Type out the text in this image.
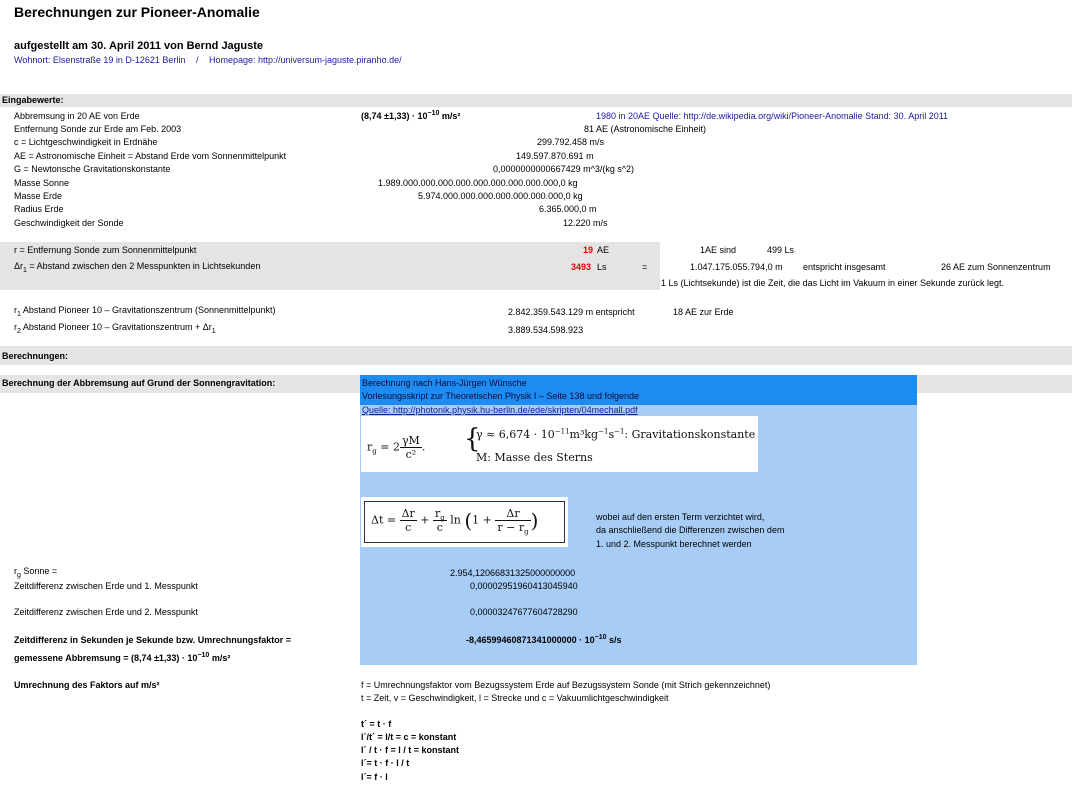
Berechnungen zur Pioneer-Anomalie
aufgestellt am 30. April 2011 von Bernd Jaguste
Wohnort: Elsenstraße 19 in D-12621 Berlin / Homepage: http://universum-jaguste.piranho.de/
Eingabewerte:
Abbremsung in 20 AE von Erde	$(8,74 \pm 1,33) \cdot 10^{-10}$ m/s²	1980 in 20AE Quelle: http://de.wikipedia.org/wiki/Pioneer-Anomalie Stand: 30. April 2011
Entfernung Sonde zur Erde am Feb. 2003	81 AE (Astronomische Einheit)
c = Lichtgeschwindigkeit in Erdnähe	299.792.458 m/s
AE = Astronomische Einheit = Abstand Erde vom Sonnenmittelpunkt	149.597.870.691 m
G = Newtonsche Gravitationskonstante	0,0000000000667429 m^3/(kg s^2)
Masse Sonne	1.989.000.000.000.000.000.000.000.000.000,0 kg
Masse Erde	5.974.000.000.000.000.000.000.000,0 kg
Radius Erde	6.365.000,0 m
Geschwindigkeit der Sonde	12.220 m/s
r = Entfernung Sonde zum Sonnenmittelpunkt	19 AE	1AE sind	499 Ls
$\Delta r_1 = Abstand$ zwischen den 2 Messpunkten in Lichtsekunden	3493 Ls	=	1.047.175.055.794,0 m entspricht insgesamt	26 AE zum Sonnenzentrum
1 Ls (Lichtsekunde) ist die Zeit, die das Licht im Vakuum in einer Sekunde zurück legt.
$r_1$ Abstand Pioneer 10 – Gravitationszentrum (Sonnenmittelpunkt)	2.842.359.543.129 m entspricht	18 AE zur Erde
$r_2$ Abstand Pioneer 10 – Gravitationszentrum + $\Delta r_1$	3.889.534.598.923
Berechnungen:
Berechnung der Abbremsung auf Grund der Sonnengravitation:	Berechnung nach Hans-Jürgen Wünsche
Vorlesungsskript zur Theoretischen Physik I – Seite 138 und folgende
Quelle: http://photonik.physik.hu-berlin.de/ede/skripten/04mechall.pdf
$r_g = 2 \frac{\gamma M}{\text{c²}}$ . {
$\gamma \approx 6,674 \cdot 10^{-11}m^3kg^{-1}s^{-1}$: Gravitationskonstante
M: Masse des Sterns
$\Delta t = \frac{\Delta r}{c} + \frac{r_g}{c}$ $\ln (1 + \frac{\Delta r}{r - r_g}$ )	wobei auf den ersten Term verzichtet wird,
da anschließend die Differenzen zwischen dem
1. und 2. Messpunkt berechnet werden
$r_g$ Sonne =	2.954,12066831325000000000
Zeitdifferenz zwischen Erde und 1. Messpunkt	0,00002951960413045940
Zeitdifferenz zwischen Erde und 2. Messpunkt	0,00003247677604728290
Zeitdifferenz in Sekunden je Sekunde bzw. Umrechnungsfaktor =	$-8,46599460871341000000 \cdot 10^{-10}$ s/s
gemessene Abbremsung = $(8,74 \pm 1,33) \cdot 10^{-10}$ m/s²
Umrechnung des Faktors auf m/s²	f = Umrechnungsfaktor vom Bezugssystem Erde auf Bezugssystem Sonde (mit Strich gekennzeichnet)
t = Zeit, v = Geschwindigkeit, l = Strecke und c = Vakuumlichtgeschwindigkeit
t´ = t · f
l´/t´ = l/t = c = konstant
l´ / t · f = l / t = konstant
l´= t · f · l / t
l´= f · l
